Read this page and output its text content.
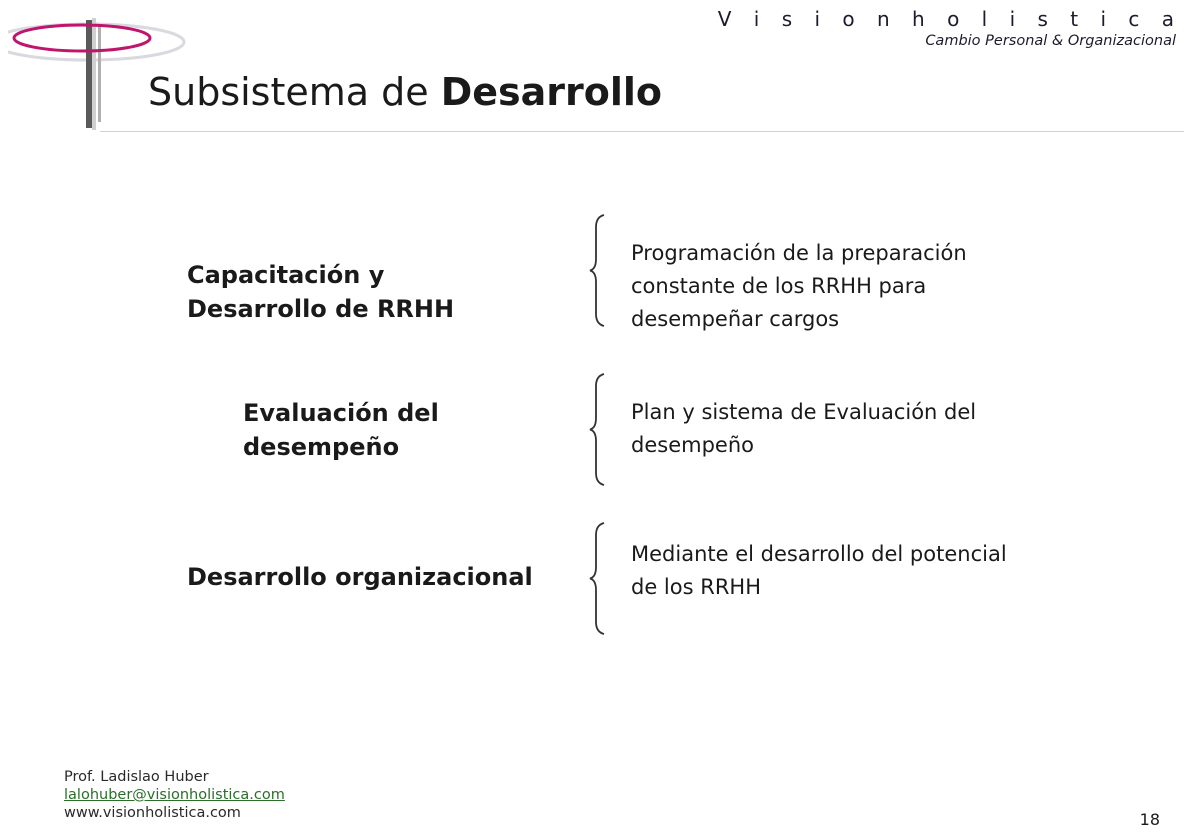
V i s i o n h o l i s t i c a
Cambio Personal & Organizacional
Subsistema de Desarrollo
Capacitación y
Desarrollo de RRHH
Programación de la preparación
constante de los RRHH para
desempeñar cargos
Evaluación del
desempeño
Plan y sistema de Evaluación del
desempeño
Desarrollo organizacional
Mediante el desarrollo del potencial
de los RRHH
Prof. Ladislao Huber
lalohuber@visionholistica.com
www.visionholistica.com	18
